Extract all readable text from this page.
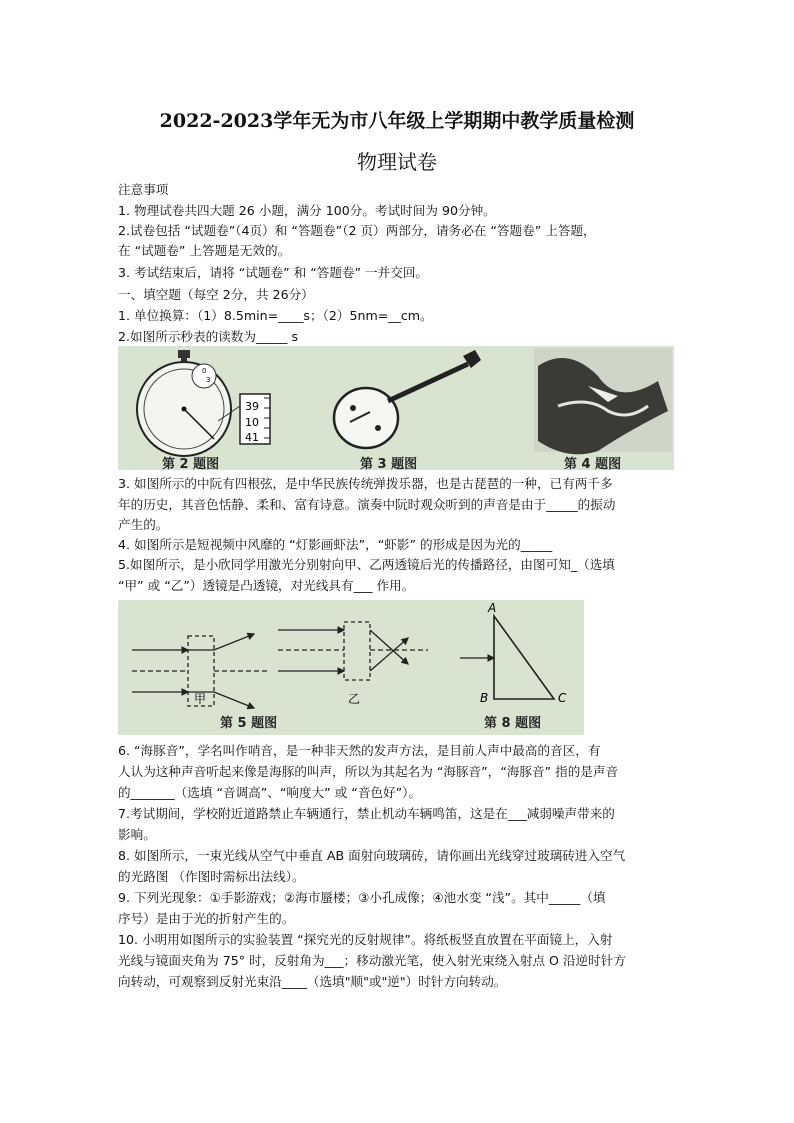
2022-2023学年无为市八年级上学期期中教学质量检测
物理试卷
注意事项
1. 物理试卷共四大题 26 小题，满分 100分。考试时间为 90分钟。
2.试卷包括 “试题卷”（4页）和 “答题卷”（2 页）两部分，请务必在 “答题卷” 上答题，
在 “试题卷” 上答题是无效的。
3. 考试结束后，请将 “试题卷” 和 “答题卷” 一并交回。
一、填空题（每空 2分，共 26分）
1. 单位换算：（1）8.5min=____s；（2）5nm=__cm。
2.如图所示秒表的读数为_____ s
0
3
39
10
41
第 2 题图	第 3 题图	第 4 题图
3. 如图所示的中阮有四根弦，是中华民族传统弹拨乐器，也是古琵琶的一种，已有两千多
年的历史，其音色恬静、柔和、富有诗意。演奏中阮时观众听到的声音是由于_____的振动
产生的。
4. 如图所示是短视频中风靡的 “灯影画虾法”，“虾影” 的形成是因为光的_____
5.如图所示，是小欣同学用激光分别射向甲、乙两透镜后光的传播路径，由图可知_（选填
“甲” 或 “乙”）透镜是凸透镜，对光线具有___ 作用。
甲	乙
A
B	C
第 5 题图	第 8 题图
6. “海豚音”，学名叫作哨音，是一种非天然的发声方法，是目前人声中最高的音区，有
人认为这种声音听起来像是海豚的叫声，所以为其起名为 “海豚音”，“海豚音” 指的是声音
的_______（选填 “音调高”、“响度大” 或 “音色好”）。
7.考试期间，学校附近道路禁止车辆通行，禁止机动车辆鸣笛，这是在___减弱噪声带来的
影响。
8. 如图所示，一束光线从空气中垂直 AB 面射向玻璃砖，请你画出光线穿过玻璃砖进入空气
的光路图 （作图时需标出法线）。
9. 下列光现象：①手影游戏；②海市蜃楼；③小孔成像；④池水变 “浅”。其中_____（填
序号）是由于光的折射产生的。
10. 小明用如图所示的实验装置 “探究光的反射规律”。将纸板竖直放置在平面镜上，入射
光线与镜面夹角为 75° 时，反射角为___；移动激光笔，使入射光束绕入射点 O 沿逆时针方
向转动，可观察到反射光束沿____（选填"顺"或"逆"）时针方向转动。
